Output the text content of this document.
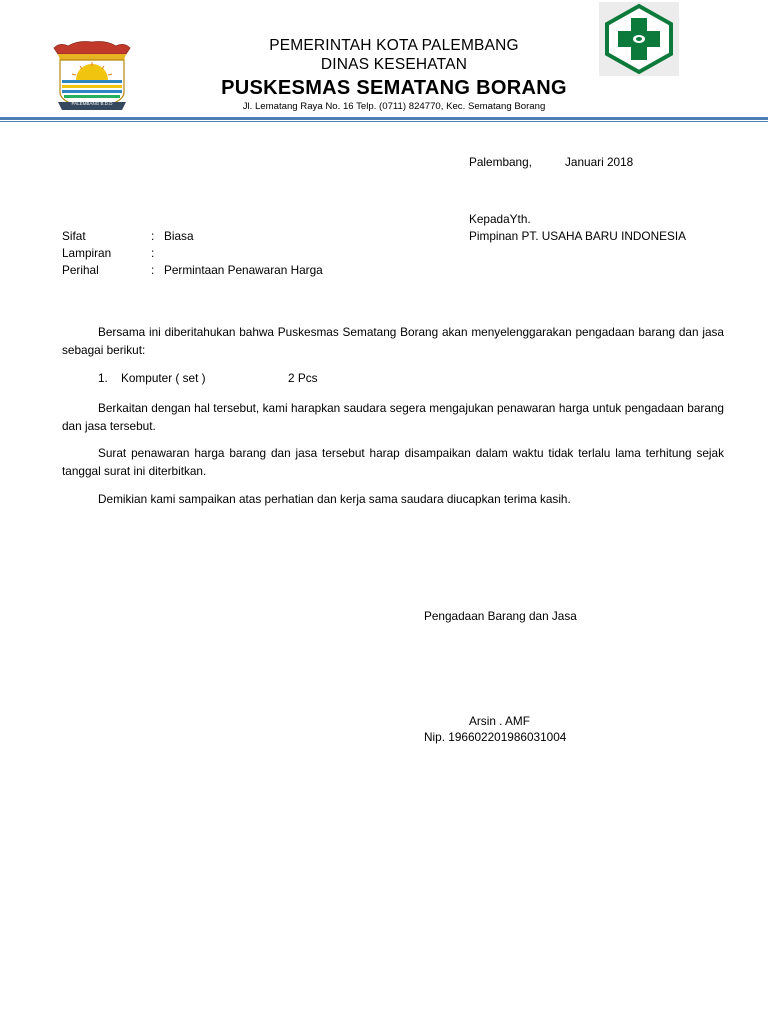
PALEMBANG B.D.D
PEMERINTAH KOTA PALEMBANG
DINAS KESEHATAN
PUSKESMAS SEMATANG BORANG
Jl. Lematang Raya No. 16 Telp. (0711) 824770, Kec. Sematang Borang
Palembang,	Januari 2018
KepadaYth.
Pimpinan PT. USAHA BARU INDONESIA
Sifat	: Biasa
Lampiran	:
Perihal	: Permintaan Penawaran Harga
Bersama ini diberitahukan bahwa Puskesmas Sematang Borang akan menyelenggarakan pengadaan barang dan jasa sebagai berikut:
1. Komputer ( set )	2 Pcs
Berkaitan dengan hal tersebut, kami harapkan saudara segera mengajukan penawaran harga untuk pengadaan barang dan jasa tersebut.
Surat penawaran harga barang dan jasa tersebut harap disampaikan dalam waktu tidak terlalu lama terhitung sejak tanggal surat ini diterbitkan.
Demikian kami sampaikan atas perhatian dan kerja sama saudara diucapkan terima kasih.
Pengadaan Barang dan Jasa
Arsin . AMF
Nip. 196602201986031004
